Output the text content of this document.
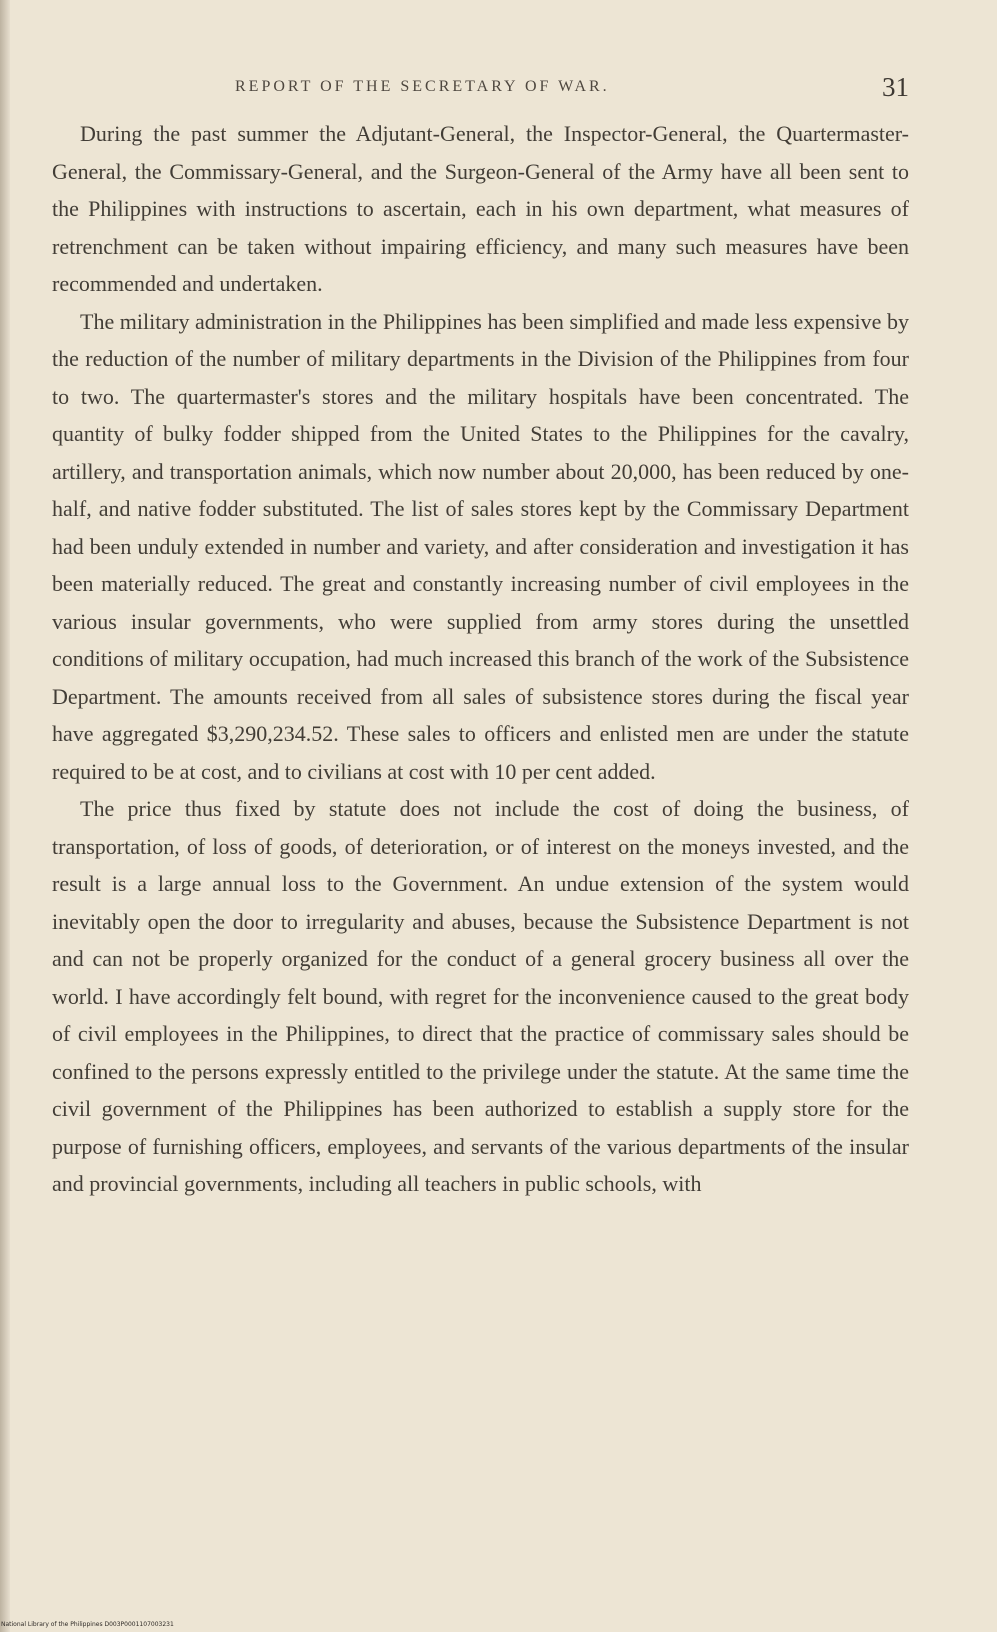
REPORT OF THE SECRETARY OF WAR.	31

During the past summer the Adjutant-General, the Inspector-General, the Quartermaster-General, the Commissary-General, and the Surgeon-General of the Army have all been sent to the Philippines with instructions to ascertain, each in his own department, what measures of retrenchment can be taken without impairing efficiency, and many such measures have been recommended and undertaken.

The military administration in the Philippines has been simplified and made less expensive by the reduction of the number of military departments in the Division of the Philippines from four to two. The quartermaster's stores and the military hospitals have been concentrated. The quantity of bulky fodder shipped from the United States to the Philippines for the cavalry, artillery, and transportation animals, which now number about 20,000, has been reduced by one-half, and native fodder substituted. The list of sales stores kept by the Commissary Department had been unduly extended in number and variety, and after consideration and investigation it has been materially reduced. The great and constantly increasing number of civil employees in the various insular governments, who were supplied from army stores during the unsettled conditions of military occupation, had much increased this branch of the work of the Subsistence Department. The amounts received from all sales of subsistence stores during the fiscal year have aggregated $3,290,234.52. These sales to officers and enlisted men are under the statute required to be at cost, and to civilians at cost with 10 per cent added.

The price thus fixed by statute does not include the cost of doing the business, of transportation, of loss of goods, of deterioration, or of interest on the moneys invested, and the result is a large annual loss to the Government. An undue extension of the system would inevitably open the door to irregularity and abuses, because the Subsistence Department is not and can not be properly organized for the conduct of a general grocery business all over the world. I have accordingly felt bound, with regret for the inconvenience caused to the great body of civil employees in the Philippines, to direct that the practice of commissary sales should be confined to the persons expressly entitled to the privilege under the statute. At the same time the civil government of the Philippines has been authorized to establish a supply store for the purpose of furnishing officers, employees, and servants of the various departments of the insular and provincial governments, including all teachers in public schools, with

National Library of the Philippines D003P0001107003231
